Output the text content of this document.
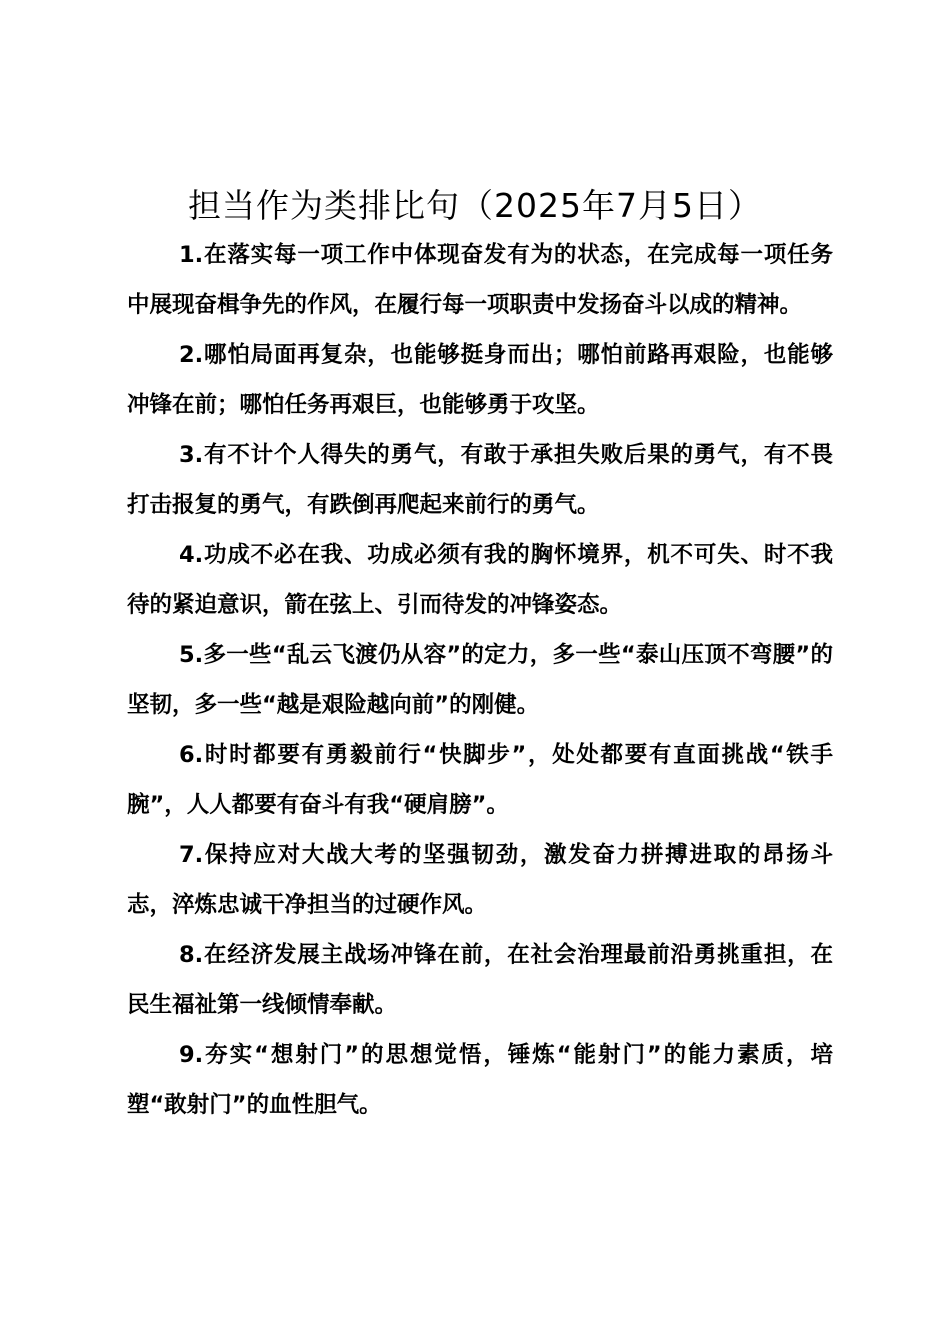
担当作为类排比句（2025年7月5日）

1.在落实每一项工作中体现奋发有为的状态，在完成每一项任务中展现奋楫争先的作风，在履行每一项职责中发扬奋斗以成的精神。

2.哪怕局面再复杂，也能够挺身而出；哪怕前路再艰险，也能够冲锋在前；哪怕任务再艰巨，也能够勇于攻坚。

3.有不计个人得失的勇气，有敢于承担失败后果的勇气，有不畏打击报复的勇气，有跌倒再爬起来前行的勇气。

4.功成不必在我、功成必须有我的胸怀境界，机不可失、时不我待的紧迫意识，箭在弦上、引而待发的冲锋姿态。

5.多一些“乱云飞渡仍从容”的定力，多一些“泰山压顶不弯腰”的坚韧，多一些“越是艰险越向前”的刚健。

6.时时都要有勇毅前行“快脚步”，处处都要有直面挑战“铁手腕”，人人都要有奋斗有我“硬肩膀”。

7.保持应对大战大考的坚强韧劲，激发奋力拼搏进取的昂扬斗志，淬炼忠诚干净担当的过硬作风。

8.在经济发展主战场冲锋在前，在社会治理最前沿勇挑重担，在民生福祉第一线倾情奉献。

9.夯实“想射门”的思想觉悟，锤炼“能射门”的能力素质，培塑“敢射门”的血性胆气。
